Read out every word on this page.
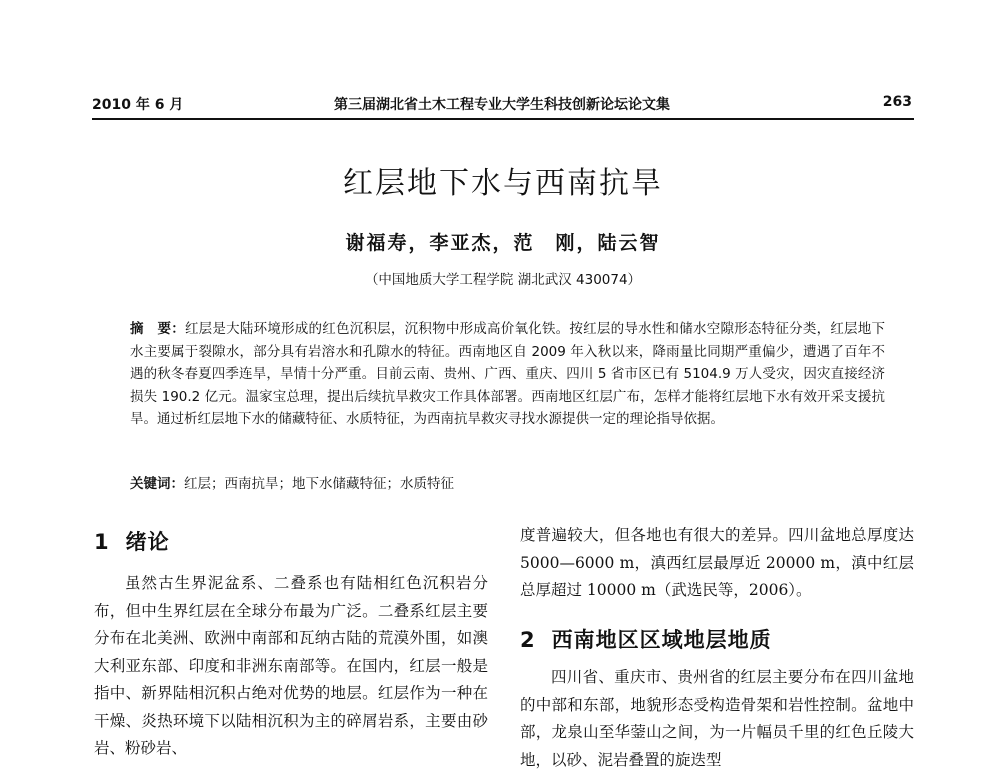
2010 年 6 月	第三届湖北省土木工程专业大学生科技创新论坛论文集	263
红层地下水与西南抗旱
谢福寿，李亚杰，范　刚，陆云智
（中国地质大学工程学院 湖北武汉 430074）
摘　要：红层是大陆环境形成的红色沉积层，沉积物中形成高价氧化铁。按红层的导水性和储水空隙形态特征分类，红层地下水主要属于裂隙水，部分具有岩溶水和孔隙水的特征。西南地区自 2009 年入秋以来，降雨量比同期严重偏少，遭遇了百年不遇的秋冬春夏四季连旱，旱情十分严重。目前云南、贵州、广西、重庆、四川 5 省市区已有 5104.9 万人受灾，因灾直接经济损失 190.2 亿元。温家宝总理，提出后续抗旱救灾工作具体部署。西南地区红层广布，怎样才能将红层地下水有效开采支援抗旱。通过析红层地下水的储藏特征、水质特征，为西南抗旱救灾寻找水源提供一定的理论指导依据。
关键词：红层；西南抗旱；地下水储藏特征；水质特征
1 绪论
虽然古生界泥盆系、二叠系也有陆相红色沉积岩分布，但中生界红层在全球分布最为广泛。二叠系红层主要分布在北美洲、欧洲中南部和瓦纳古陆的荒漠外围，如澳大利亚东部、印度和非洲东南部等。在国内，红层一般是指中、新界陆相沉积占绝对优势的地层。红层作为一种在干燥、炎热环境下以陆相沉积为主的碎屑岩系，主要由砂岩、粉砂岩、
度普遍较大，但各地也有很大的差异。四川盆地总厚度达 5000—6000 m，滇西红层最厚近 20000 m，滇中红层总厚超过 10000 m（武选民等，2006）。
2 西南地区区域地层地质
四川省、重庆市、贵州省的红层主要分布在四川盆地的中部和东部，地貌形态受构造骨架和岩性控制。盆地中部，龙泉山至华蓥山之间，为一片幅员千里的红色丘陵大地，以砂、泥岩叠置的旋迭型
